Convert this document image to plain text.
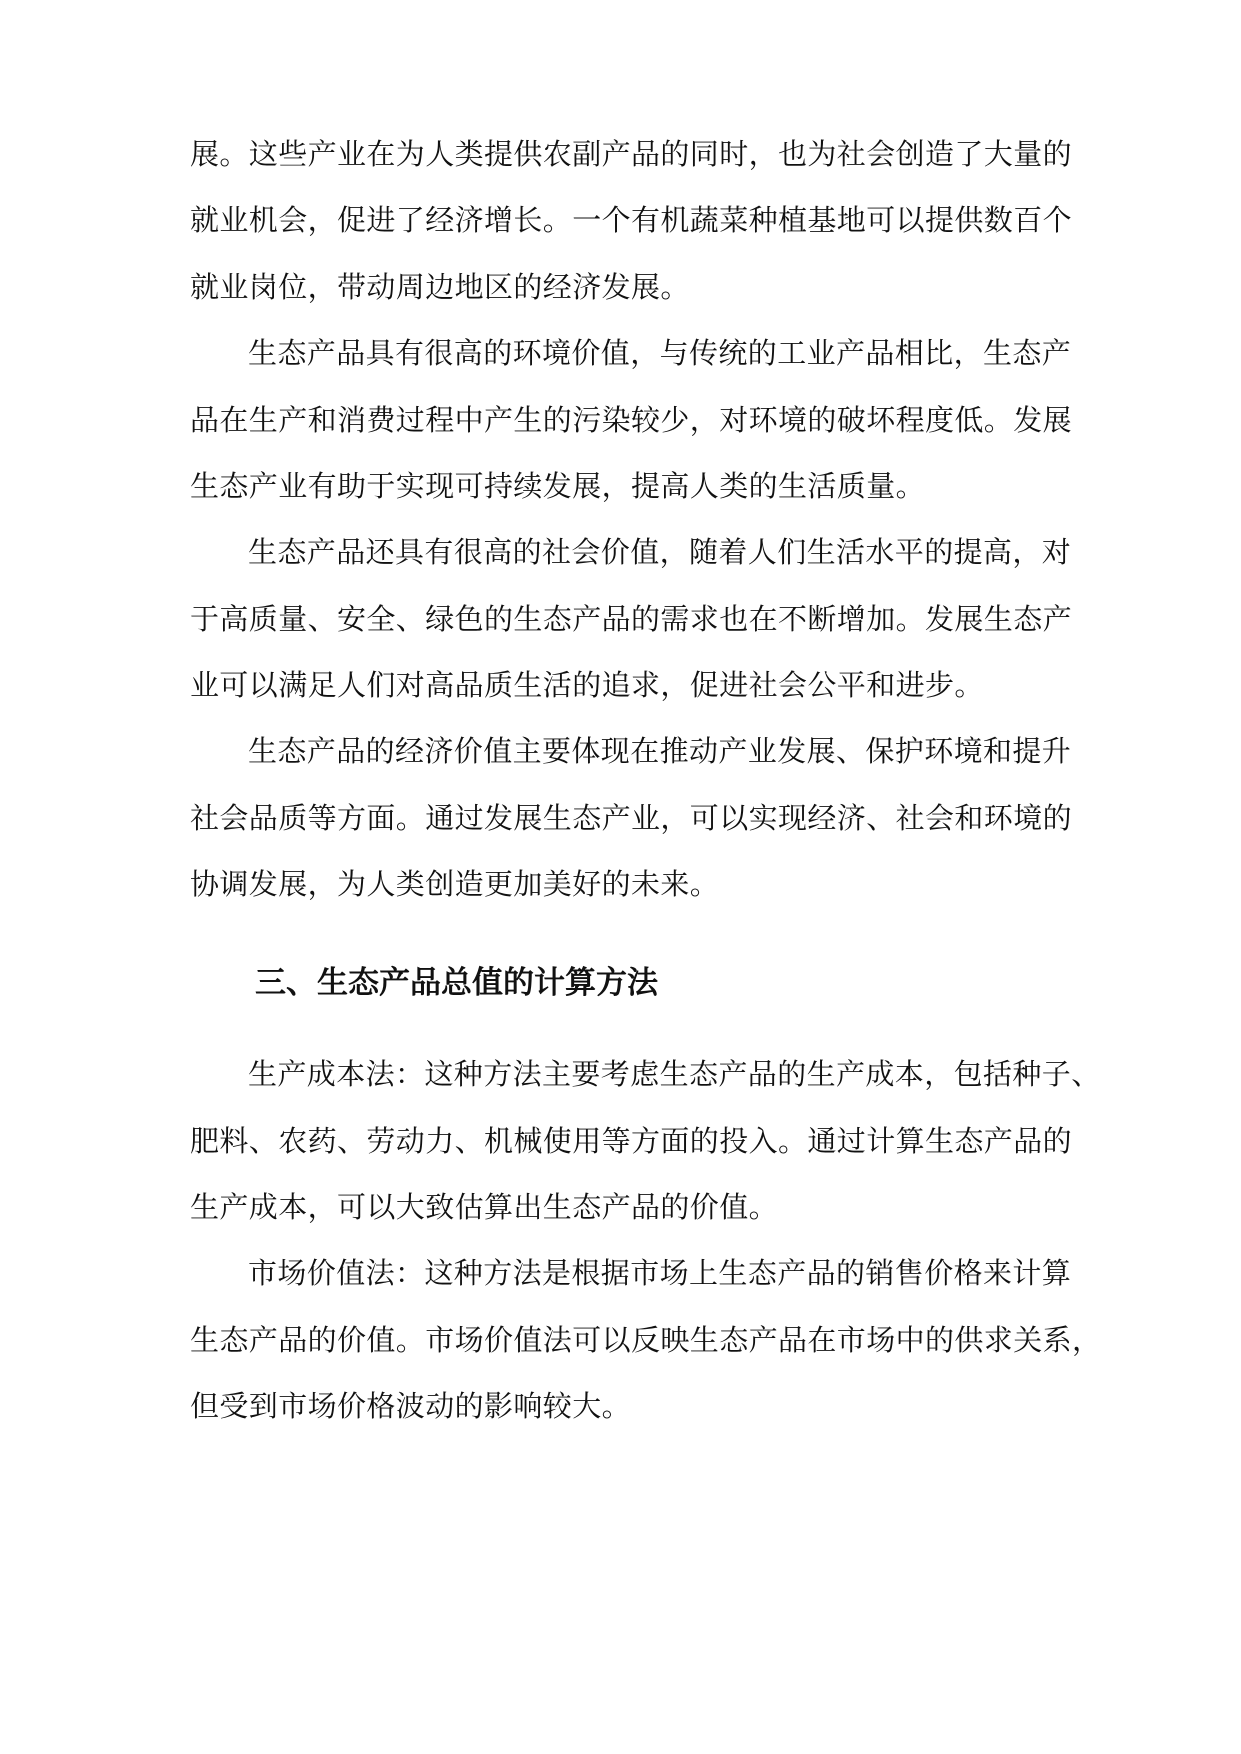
展。这些产业在为人类提供农副产品的同时，也为社会创造了大量的
就业机会，促进了经济增长。一个有机蔬菜种植基地可以提供数百个
就业岗位，带动周边地区的经济发展。
生态产品具有很高的环境价值，与传统的工业产品相比，生态产
品在生产和消费过程中产生的污染较少，对环境的破坏程度低。发展
生态产业有助于实现可持续发展，提高人类的生活质量。
生态产品还具有很高的社会价值，随着人们生活水平的提高，对
于高质量、安全、绿色的生态产品的需求也在不断增加。发展生态产
业可以满足人们对高品质生活的追求，促进社会公平和进步。
生态产品的经济价值主要体现在推动产业发展、保护环境和提升
社会品质等方面。通过发展生态产业，可以实现经济、社会和环境的
协调发展，为人类创造更加美好的未来。
三、生态产品总值的计算方法
生产成本法：这种方法主要考虑生态产品的生产成本，包括种子、
肥料、农药、劳动力、机械使用等方面的投入。通过计算生态产品的
生产成本，可以大致估算出生态产品的价值。
市场价值法：这种方法是根据市场上生态产品的销售价格来计算
生态产品的价值。市场价值法可以反映生态产品在市场中的供求关系，
但受到市场价格波动的影响较大。
